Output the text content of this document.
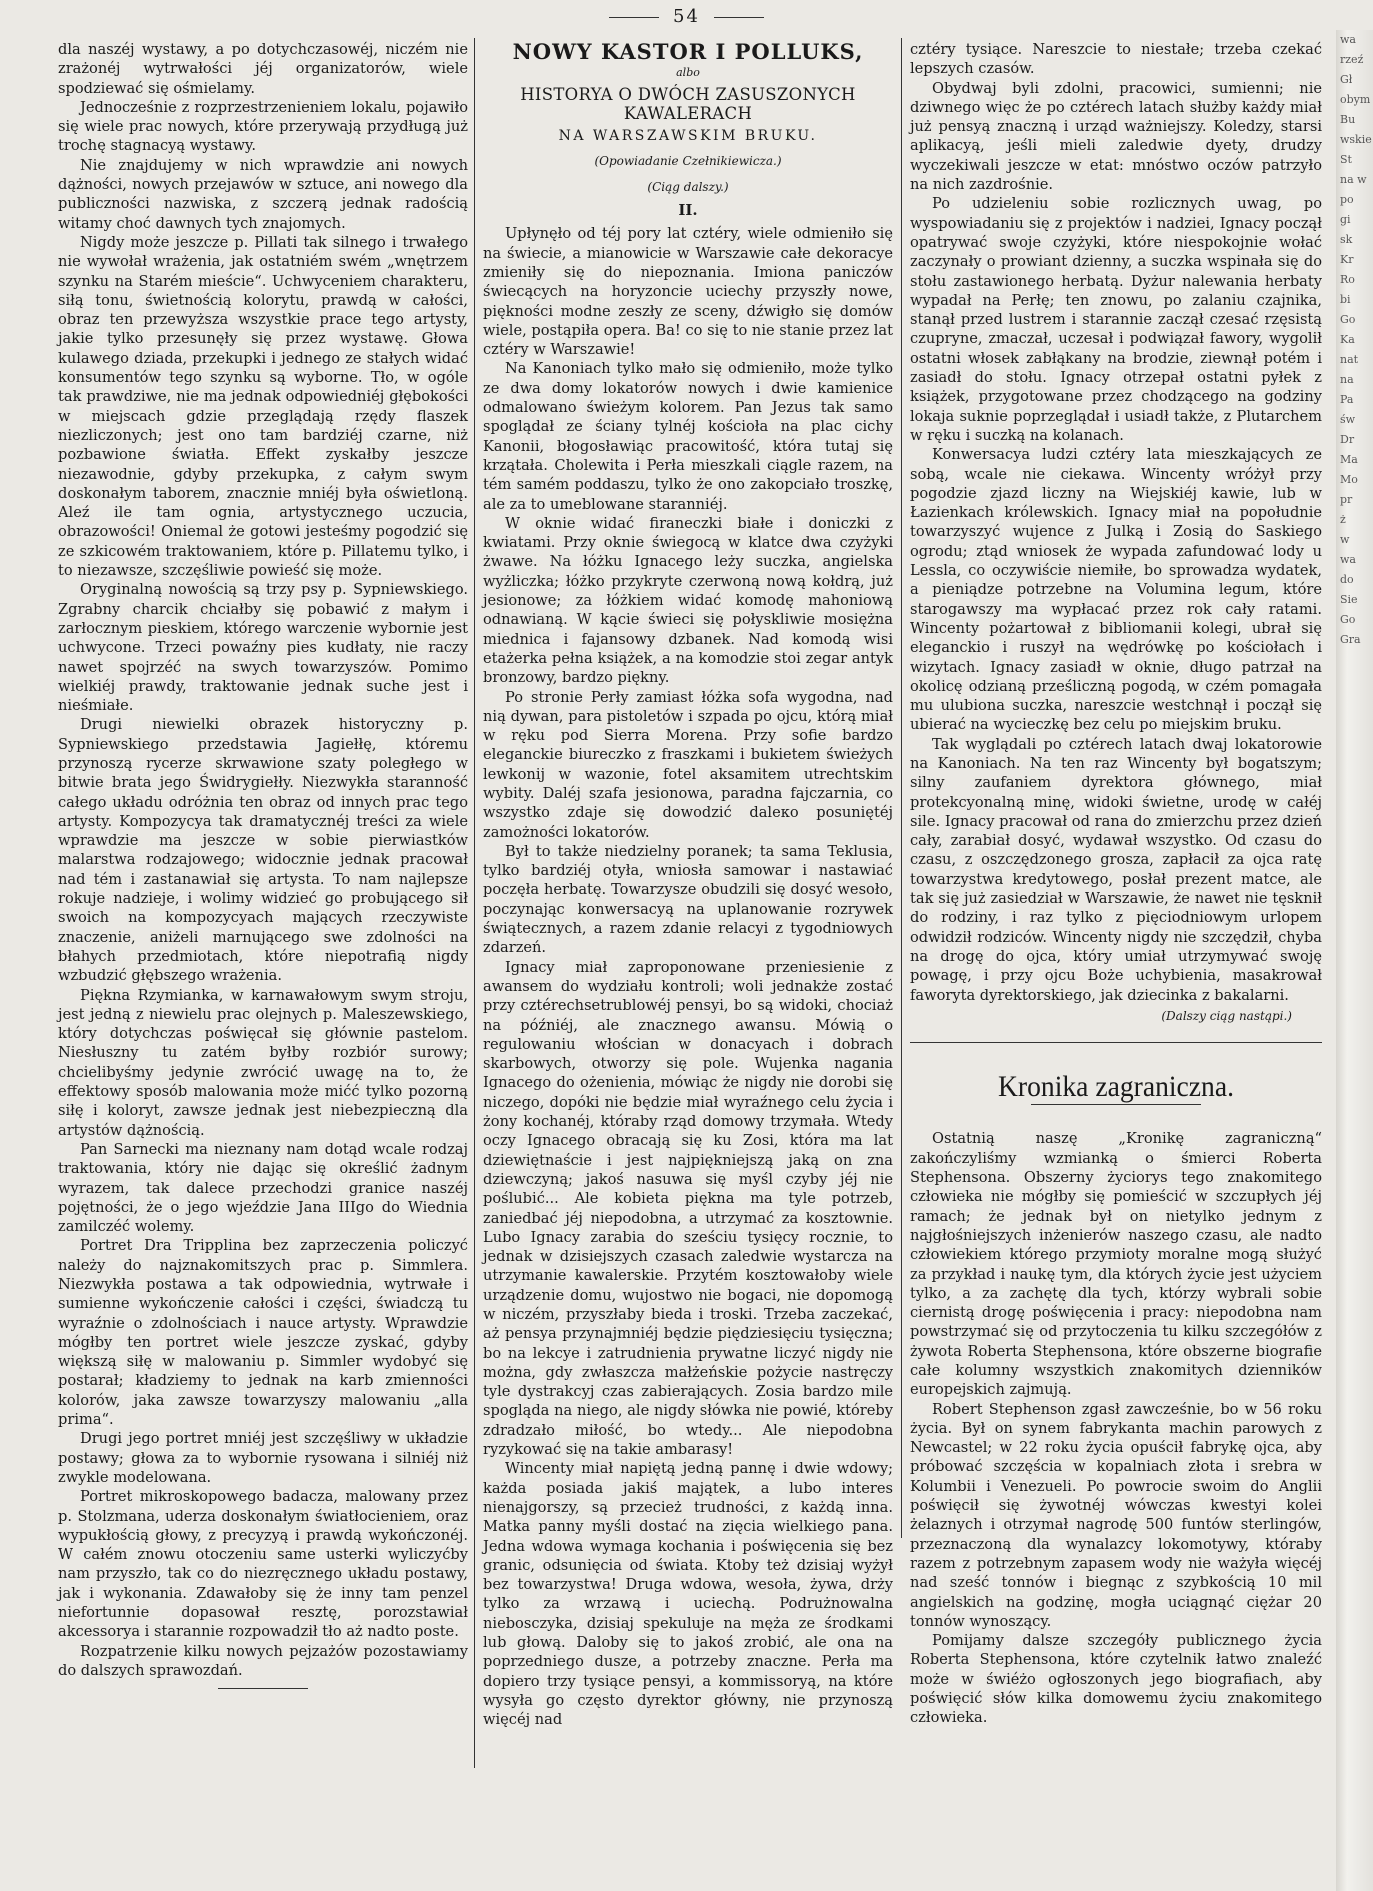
54

dla naszéj wystawy, a po dotychczasowéj, niczém nie zrażonéj wytrwałości jéj organizatorów, wiele spodziewać się ośmielamy.

Jednocześnie z rozprzestrzenieniem lokalu, pojawiło się wiele prac nowych, które przerywają przydługą już trochę stagnacyą wystawy.

Nie znajdujemy w nich wprawdzie ani nowych dążności, nowych przejawów w sztuce, ani nowego dla publiczności nazwiska, z szczerą jednak radością witamy choć dawnych tych znajomych.

Nigdy może jeszcze p. Pillati tak silnego i trwałego nie wywołał wrażenia, jak ostatniém swém „wnętrzem szynku na Starém mieście“. Uchwyceniem charakteru, siłą tonu, świetnością kolorytu, prawdą w całości, obraz ten przewyższa wszystkie prace tego artysty, jakie tylko przesunęły się przez wystawę. Głowa kulawego dziada, przekupki i jednego ze stałych widać konsumentów tego szynku są wyborne. Tło, w ogóle tak prawdziwe, nie ma jednak odpowiedniéj głębokości w miejscach gdzie przeglądają rzędy flaszek niezliczonych; jest ono tam bardziéj czarne, niż pozbawione światła. Effekt zyskałby jeszcze niezawodnie, gdyby przekupka, z całym swym doskonałym taborem, znacznie mniéj była oświetloną. Aleź ile tam ognia, artystycznego uczucia, obrazowości! Oniemal że gotowi jesteśmy pogodzić się ze szkicowém traktowaniem, które p. Pillatemu tylko, i to niezawsze, szczęśliwie powieść się może.

Oryginalną nowością są trzy psy p. Sypniewskiego. Zgrabny charcik chciałby się pobawić z małym i zarłocznym pieskiem, którego warczenie wybornie jest uchwycone. Trzeci powaźny pies kudłaty, nie raczy nawet spojrzéć na swych towarzyszów. Pomimo wielkiéj prawdy, traktowanie jednak suche jest i nieśmiałe.

Drugi niewielki obrazek historyczny p. Sypniewskiego przedstawia Jagiełłę, któremu przynoszą rycerze skrwawione szaty poległego w bitwie brata jego Świdrygiełły. Niezwykła staranność całego układu odróżnia ten obraz od innych prac tego artysty. Kompozycya tak dramatycznéj treści za wiele wprawdzie ma jeszcze w sobie pierwiastków malarstwa rodzajowego; widocznie jednak pracował nad tém i zastanawiał się artysta. To nam najlepsze rokuje nadzieje, i wolimy widzieć go probującego sił swoich na kompozycyach mających rzeczywiste znaczenie, aniżeli marnującego swe zdolności na błahych przedmiotach, które niepotrafią nigdy wzbudzić głębszego wrażenia.

Piękna Rzymianka, w karnawałowym swym stroju, jest jedną z niewielu prac olejnych p. Maleszewskiego, który dotychczas poświęcał się głównie pastelom. Niesłuszny tu zatém byłby rozbiór surowy; chcielibyśmy jedynie zwrócić uwagę na to, że effektowy sposób malowania może mićć tylko pozorną siłę i koloryt, zawsze jednak jest niebezpieczną dla artystów dążnością.

Pan Sarnecki ma nieznany nam dotąd wcale rodzaj traktowania, który nie dając się określić żadnym wyrazem, tak dalece przechodzi granice naszéj pojętności, że o jego wjeździe Jana IIIgo do Wiednia zamilczéć wolemy.

Portret Dra Tripplina bez zaprzeczenia policzyć należy do najznakomitszych prac p. Simmlera. Niezwykła postawa a tak odpowiednia, wytrwałe i sumienne wykończenie całości i części, świadczą tu wyraźnie o zdolnościach i nauce artysty. Wprawdzie mógłby ten portret wiele jeszcze zyskać, gdyby większą siłę w malowaniu p. Simmler wydobyć się postarał; kładziemy to jednak na karb zmienności kolorów, jaka zawsze towarzyszy malowaniu „alla prima“.

Drugi jego portret mniéj jest szczęśliwy w układzie postawy; głowa za to wybornie rysowana i silniéj niż zwykle modelowana.

Portret mikroskopowego badacza, malowany przez p. Stolzmana, uderza doskonałym światłocieniem, oraz wypukłością głowy, z precyzyą i prawdą wykończonéj. W całém znowu otoczeniu same usterki wyliczyćby nam przyszło, tak co do niezręcznego układu postawy, jak i wykonania. Zdawałoby się że inny tam penzel niefortunnie dopasował resztę, porozstawiał akcessorya i starannie rozpowadził tło aż nadto poste.

Rozpatrzenie kilku nowych pejzażów pozostawiamy do dalszych sprawozdań.

NOWY KASTOR I POLLUKS,
albo
HISTORYA O DWÓCH ZASUSZONYCH KAWALERACH
NA WARSZAWSKIM BRUKU.
(Opowiadanie Czełnikiewicza.)
(Ciąg dalszy.)
II.

Upłynęło od téj pory lat cztéry, wiele odmieniło się na świecie, a mianowicie w Warszawie całe dekoracye zmieniły się do niepoznania. Imiona paniczów świecących na horyzoncie uciechy przyszły nowe, piękności modne zeszły ze sceny, dźwigło się domów wiele, postąpiła opera. Ba! co się to nie stanie przez lat cztéry w Warszawie!

Na Kanoniach tylko mało się odmieniło, może tylko ze dwa domy lokatorów nowych i dwie kamienice odmalowano świeżym kolorem. Pan Jezus tak samo spoglądał ze ściany tylnéj kościoła na plac cichy Kanonii, błogosławiąc pracowitość, która tutaj się krzątała. Cholewita i Perła mieszkali ciągle razem, na tém samém poddaszu, tylko że ono zakopciało troszkę, ale za to umeblowane staranniéj.

W oknie widać firaneczki białe i doniczki z kwiatami. Przy oknie świegocą w klatce dwa czyżyki żwawe. Na łóżku Ignacego leży suczka, angielska wyżliczka; łóżko przykryte czerwoną nową kołdrą, już jesionowe; za łóżkiem widać komodę mahoniową odnawianą. W kącie świeci się połyskliwie mosiężna miednica i fajansowy dzbanek. Nad komodą wisi etażerka pełna książek, a na komodzie stoi zegar antyk bronzowy, bardzo piękny.

Po stronie Perły zamiast łóżka sofa wygodna, nad nią dywan, para pistoletów i szpada po ojcu, którą miał w ręku pod Sierra Morena. Przy sofie bardzo eleganckie biureczko z fraszkami i bukietem świeżych lewkonij w wazonie, fotel aksamitem utrechtskim wybity. Daléj szafa jesionowa, paradna fajczarnia, co wszystko zdaje się dowodzić dalеко posuniętéj zamożności lokatorów.

Był to także niedzielny poranek; ta sama Teklusia, tylko bardziéj otyła, wniosła samowar i nastawiać poczęła herbatę. Towarzysze obudzili się dosyć wesoło, poczynając konwersacyą na uplanowanie rozrywek świątecznych, a razem zdanie relacyi z tygodniowych zdarzeń.

Ignacy miał zaproponowane przeniesienie z awansem do wydziału kontroli; woli jednakże zostać przy cztérechsetrublowéj pensyi, bo są widoki, chociaż na późniéj, ale znacznego awansu. Mówią o regulowaniu włościan w donacyach i dobrach skarbowych, otworzy się pole. Wujenka nagania Ignacego do ożenienia, mówiąc że nigdy nie dorobi się niczego, dopóki nie będzie miał wyraźnego celu życia i żony kochanéj, któraby rząd domowy trzymała. Wtedy oczy Ignacego obracają się ku Zosi, która ma lat dziewiętnaście i jest najpiękniejszą jaką on zna dziewczyną; jakoś nasuwa się myśl czyby jéj nie poślubić... Ale kobieta piękna ma tyle potrzeb, zaniedbać jéj niepodobna, a utrzymać za kosztownie. Lubo Ignacy zarabia do sześciu tysięcy rocznie, to jednak w dzisiejszych czasach zaledwie wystarcza na utrzymanie kawalerskie. Przytém kosztowałoby wiele urządzenie domu, wujostwo nie bogaci, nie dopomogą w niczém, przyszłaby bieda i troski. Trzeba zaczekać, aż pensya przynajmniéj będzie piędziesięciu tysięczna; bo na lekcye i zatrudnienia prywatne liczyć nigdy nie można, gdy zwłaszcza małżeńskie pożycie nastręczy tyle dystrakcyj czas zabierających. Zosia bardzo mile spogląda na niego, ale nigdy słówka nie powié, któreby zdradzało miłość, bo wtedy... Ale niepodobna ryzykować się na takie ambarasy!

Wincenty miał napiętą jedną pannę i dwie wdowy; każda posiada jakiś majątek, a lubo interes nienajgorszy, są przecież trudności, z każdą inna. Matka panny myśli dostać na zięcia wielkiego pana. Jedna wdowa wymaga kochania i poświęcenia się bez granic, odsunięcia od świata. Ktoby też dzisiaj wyżył bez towarzystwa! Druga wdowa, wesoła, żywa, drży tylko za wrzawą i uciechą. Podrużnowalna niebosczyka, dzisiaj spekuluje na męża ze środkami lub głową. Daloby się to jakoś zrobić, ale ona na poprzedniego dusze, a potrzeby znaczne. Perła ma dopiero trzy tysiące pensyi, a kommissoryą, na które wysyła go często dyrektor główny, nie przynoszą więcéj nad

cztéry tysiące. Nareszcie to niestałe; trzeba czekać lepszych czasów.

Obydwaj byli zdolni, pracowici, sumienni; nie dziwnego więc że po cztérech latach służby każdy miał już pensyą znaczną i urząd ważniejszy. Koledzy, starsi aplikacyą, jeśli mieli zaledwie dyety, drudzy wyczekiwali jeszcze w etat: mnóstwo oczów patrzyło na nich zazdrośnie.

Po udzieleniu sobie rozlicznych uwag, po wyspowiadaniu się z projektów i nadziei, Ignacy począł opatrywać swoje czyżyki, które niespokojnie wołać zaczynały o prowiant dzienny, a suczka wspinała się do stołu zastawionego herbatą. Dyżur nalewania herbaty wypadał na Perłę; ten znowu, po zalaniu czajnika, stanął przed lustrem i starannie zaczął czesać rzęsistą czupryne, zmaczał, uczesał i podwiązał fawory, wygolił ostatni włosek zabłąkany na brodzie, ziewnął potém i zasiadł do stołu. Ignacy otrzepał ostatni pyłek z książek, przygotowane przez chodzącego na godziny lokaja suknie poprzeglądał i usiadł także, z Plutarchem w ręku i suczką na kolanach.

Konwersacya ludzi cztéry lata mieszkających ze sobą, wcale nie ciekawa. Wincenty wróżył przy pogodzie zjazd liczny na Wiejskiéj kawie, lub w Łazienkach królewskich. Ignacy miał na popołudnie towarzyszyć wujence z Julką i Zosią do Saskiego ogrodu; ztąd wniosek że wypada zafundować lody u Lessla, co oczywiście niemiłe, bo sprowadza wydatek, a pieniądze potrzebne na Volumina legum, które starogawszy ma wypłacać przez rok cały ratami. Wincenty pożartował z bibliomanii kolegi, ubrał się eleganckio i ruszył na wędrówkę po kościołach i wizytach. Ignacy zasiadł w oknie, długo patrzał na okolicę odzianą prześliczną pogodą, w czém pomagała mu ulubiona suczka, nareszcie westchnął i począł się ubierać na wycieczkę bez celu po miejskim bruku.

Tak wyglądali po cztérech latach dwaj lokatorowie na Kanoniach. Na ten raz Wincenty był bogatszym; silny zaufaniem dyrektora głównego, miał protekcyonalną minę, widoki świetne, urodę w całéj sile. Ignacy pracował od rana do zmierzchu przez dzień cały, zarabiał dosyć, wydawał wszystko. Od czasu do czasu, z oszczędzonego grosza, zapłacił za ojca ratę towarzystwa kredytowego, posłał prezent matce, ale tak się już zasiedział w Warszawie, że nawet nie tęsknił do rodziny, i raz tylko z pięciodniowym urlopem odwidził rodziców. Wincenty nigdy nie szczędził, chyba na drogę do ojca, który umiał utrzymywać swoję powagę, i przy ojcu Boże uchybienia, masakrował faworyta dyrektorskiego, jak dziecinka z bakalarni.

(Dalszy ciąg nastąpi.)
Kronika zagraniczna.

Ostatnią naszę „Kronikę zagraniczną“ zakończyliśmy wzmianką o śmierci Roberta Stephensona. Obszerny życiorys tego znakomitego człowieka nie mógłby się pomieścić w szczupłych jéj ramach; że jednak był on nietylko jednym z najgłośniejszych inżenierów naszego czasu, ale nadto człowiekiem którego przymioty moralne mogą służyć za przykład i naukę tym, dla których życie jest użyciem tylko, a za zachętę dla tych, którzy wybrali sobie ciernistą drogę poświęcenia i pracy: niepodobna nam powstrzymać się od przytoczenia tu kilku szczegółów z żywota Roberta Stephensona, które obszerne biografie całe kolumny wszystkich znakomitych dzienników europejskich zajmują.

Robert Stephenson zgasł zawcześnie, bo w 56 roku życia. Był on synem fabrykanta machin parowych z Newcastel; w 22 roku życia opuścił fabrykę ojca, aby próbować szczęścia w kopalniach złota i srebra w Kolumbii i Venezueli. Po powrocie swoim do Anglii poświęcił się żywotnéj wówczas kwestyi kolei żelaznych i otrzymał nagrodę 500 funtów sterlingów, przeznaczoną dla wynalazcy lokomotywy, któraby razem z potrzebnym zapasem wody nie ważyła więcéj nad sześć tonnów i biegnąc z szybkością 10 mil angielskich na godzinę, mogła uciągnąć ciężar 20 tonnów wynoszący.

Pomijamy dalsze szczegóły publicznego życia Roberta Stephensona, które czytelnik łatwo znaleźć może w świéżo ogłoszonych jego biografiach, aby poświęcić słów kilka domowemu życiu znakomitego człowieka.

wa
rzeź
Gł
obym
Bu
wskie
St
na w
po
gi
sk
Kr
Ro
bi
Go
Ka
nat
na
Pa
św
Dr
Ma
Mo
pr
ż
w
wa
do
Sie
Go
Gra
